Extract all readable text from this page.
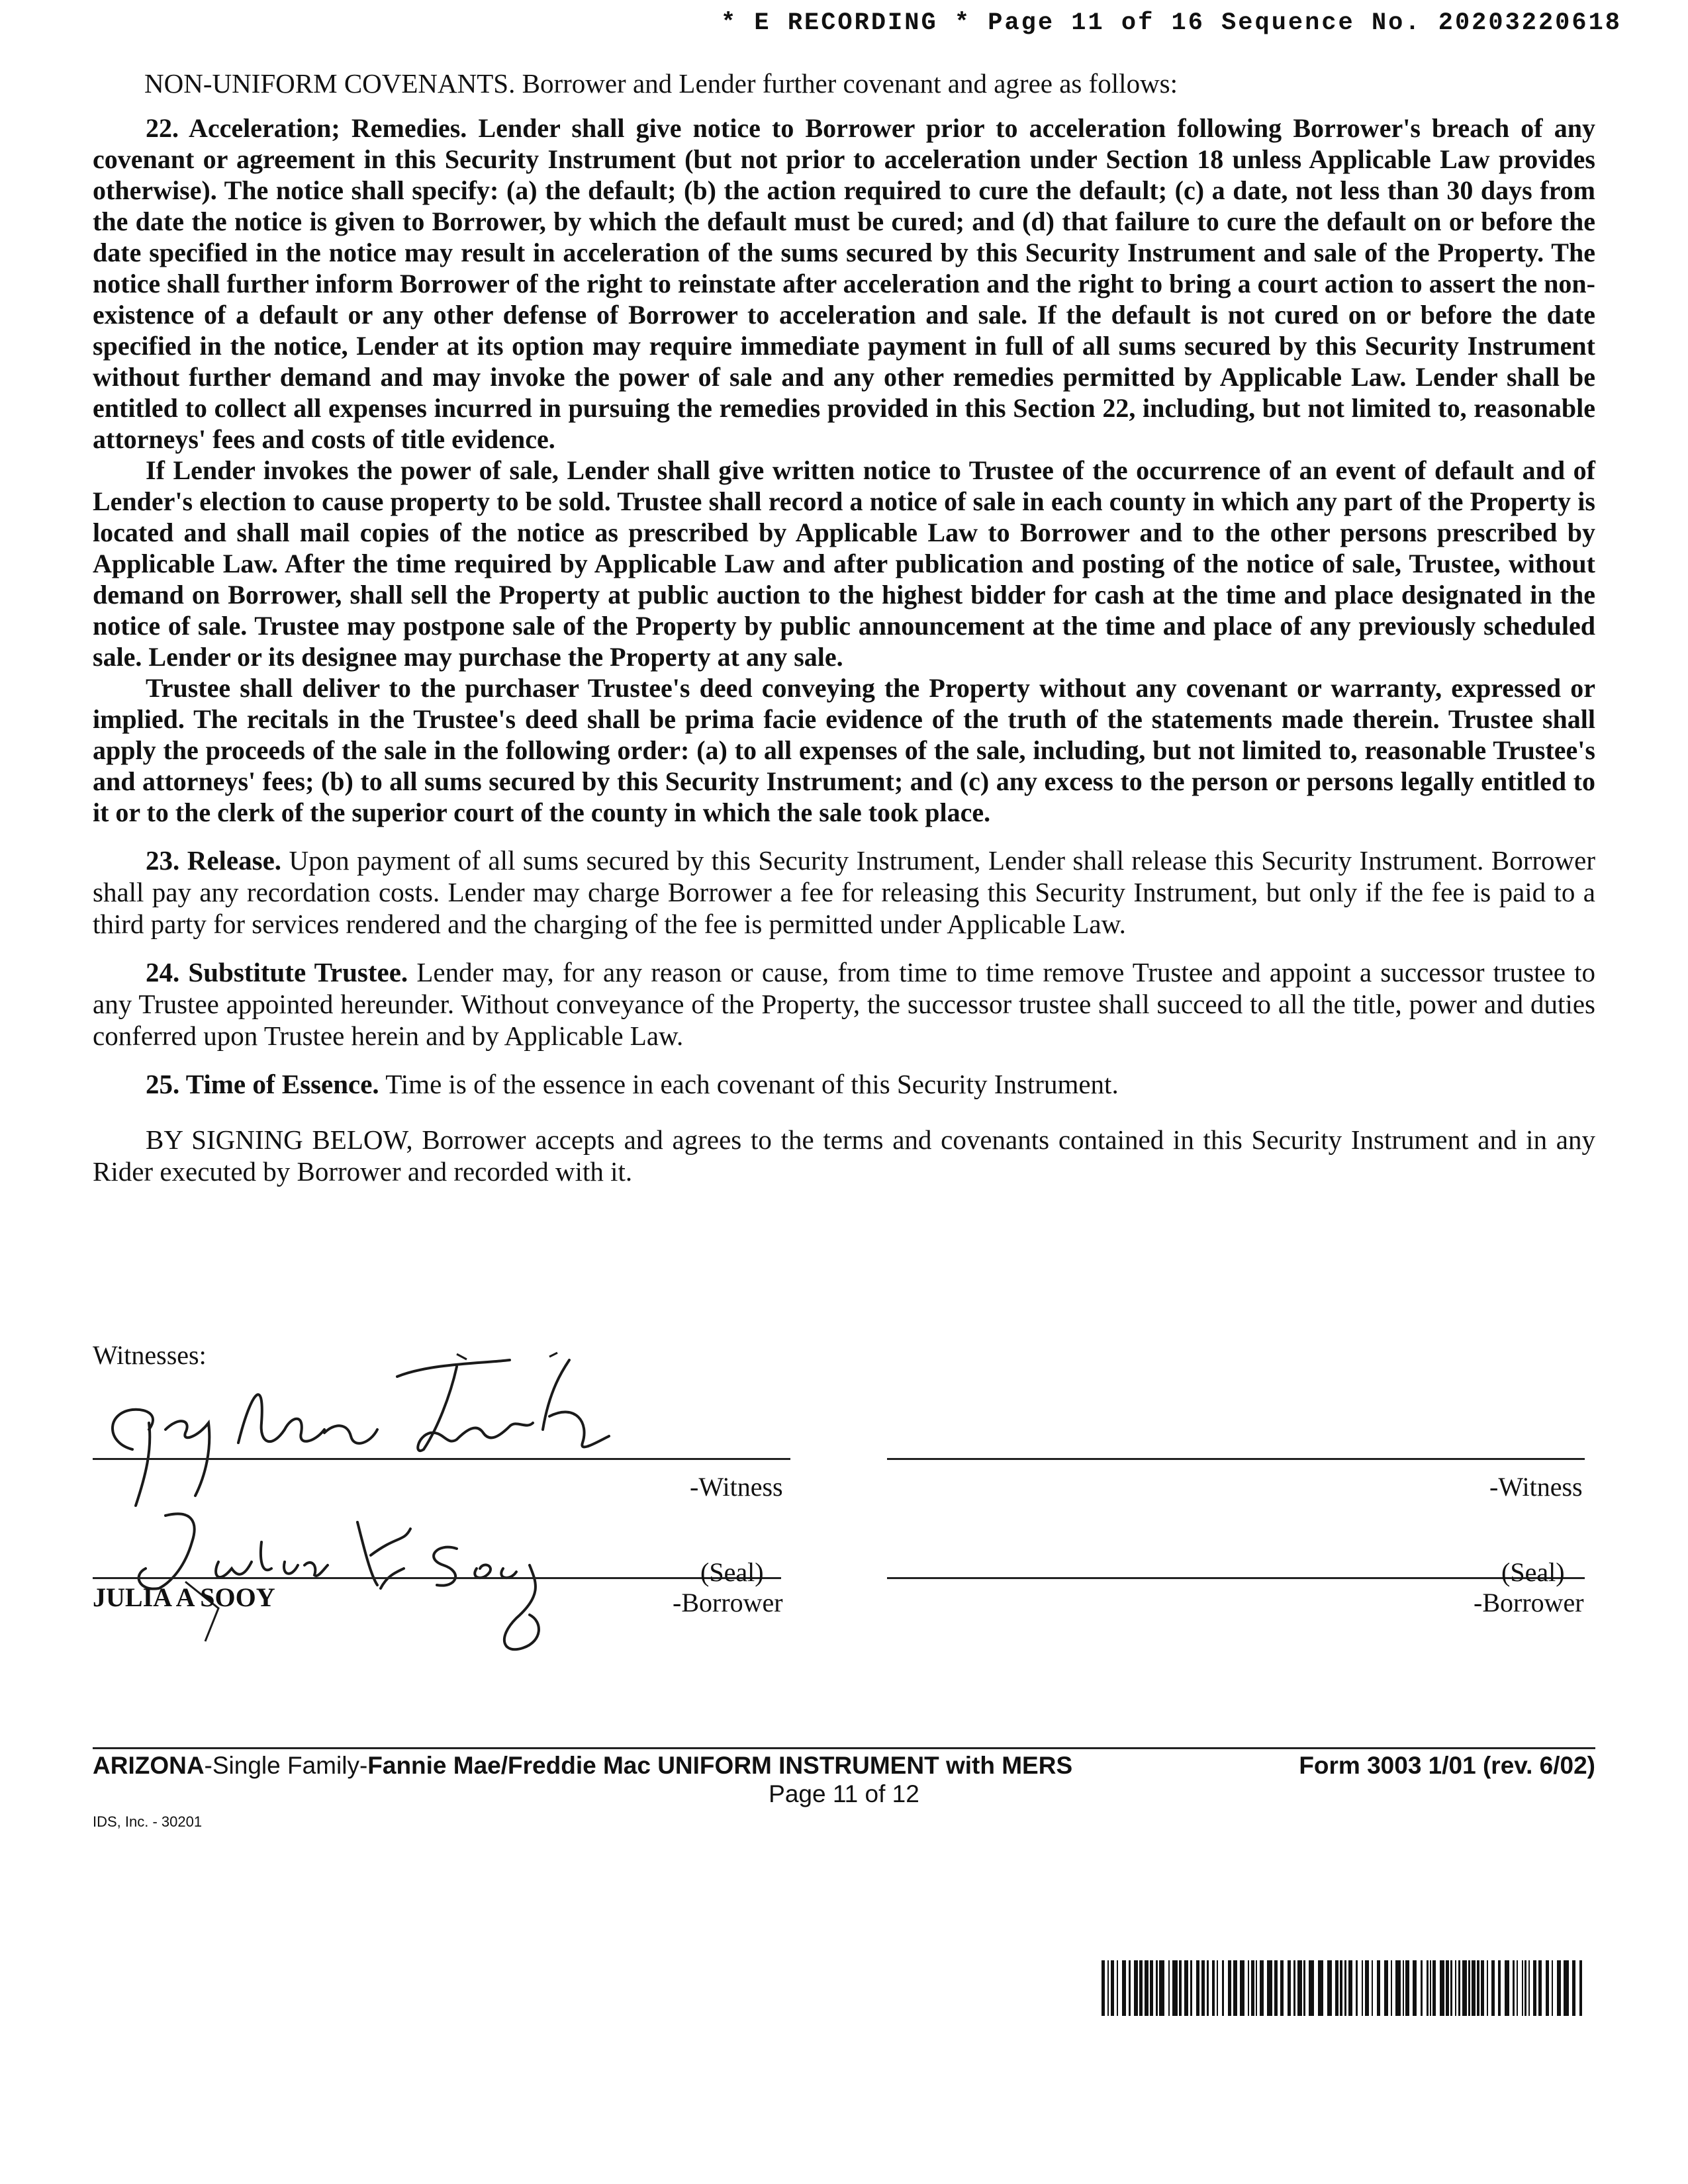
* E RECORDING * Page 11 of 16 Sequence No. 20203220618

NON-UNIFORM COVENANTS. Borrower and Lender further covenant and agree as follows:

22. Acceleration; Remedies. Lender shall give notice to Borrower prior to acceleration following Borrower's breach of any covenant or agreement in this Security Instrument (but not prior to acceleration under Section 18 unless Applicable Law provides otherwise). The notice shall specify: (a) the default; (b) the action required to cure the default; (c) a date, not less than 30 days from the date the notice is given to Borrower, by which the default must be cured; and (d) that failure to cure the default on or before the date specified in the notice may result in acceleration of the sums secured by this Security Instrument and sale of the Property. The notice shall further inform Borrower of the right to reinstate after acceleration and the right to bring a court action to assert the non-existence of a default or any other defense of Borrower to acceleration and sale. If the default is not cured on or before the date specified in the notice, Lender at its option may require immediate payment in full of all sums secured by this Security Instrument without further demand and may invoke the power of sale and any other remedies permitted by Applicable Law. Lender shall be entitled to collect all expenses incurred in pursuing the remedies provided in this Section 22, including, but not limited to, reasonable attorneys' fees and costs of title evidence.

If Lender invokes the power of sale, Lender shall give written notice to Trustee of the occurrence of an event of default and of Lender's election to cause property to be sold. Trustee shall record a notice of sale in each county in which any part of the Property is located and shall mail copies of the notice as prescribed by Applicable Law to Borrower and to the other persons prescribed by Applicable Law. After the time required by Applicable Law and after publication and posting of the notice of sale, Trustee, without demand on Borrower, shall sell the Property at public auction to the highest bidder for cash at the time and place designated in the notice of sale. Trustee may postpone sale of the Property by public announcement at the time and place of any previously scheduled sale. Lender or its designee may purchase the Property at any sale.

Trustee shall deliver to the purchaser Trustee's deed conveying the Property without any covenant or warranty, expressed or implied. The recitals in the Trustee's deed shall be prima facie evidence of the truth of the statements made therein. Trustee shall apply the proceeds of the sale in the following order: (a) to all expenses of the sale, including, but not limited to, reasonable Trustee's and attorneys' fees; (b) to all sums secured by this Security Instrument; and (c) any excess to the person or persons legally entitled to it or to the clerk of the superior court of the county in which the sale took place.

23. Release. Upon payment of all sums secured by this Security Instrument, Lender shall release this Security Instrument. Borrower shall pay any recordation costs. Lender may charge Borrower a fee for releasing this Security Instrument, but only if the fee is paid to a third party for services rendered and the charging of the fee is permitted under Applicable Law.

24. Substitute Trustee. Lender may, for any reason or cause, from time to time remove Trustee and appoint a successor trustee to any Trustee appointed hereunder. Without conveyance of the Property, the successor trustee shall succeed to all the title, power and duties conferred upon Trustee herein and by Applicable Law.

25. Time of Essence. Time is of the essence in each covenant of this Security Instrument.

BY SIGNING BELOW, Borrower accepts and agrees to the terms and covenants contained in this Security Instrument and in any Rider executed by Borrower and recorded with it.

Witnesses:
-Witness	-Witness
(Seal)
-Borrower
JULIA A SOOY
(Seal)
-Borrower
ARIZONA-Single Family-Fannie Mae/Freddie Mac UNIFORM INSTRUMENT with MERS	Form 3003 1/01 (rev. 6/02)
Page 11 of 12
IDS, Inc. - 30201
